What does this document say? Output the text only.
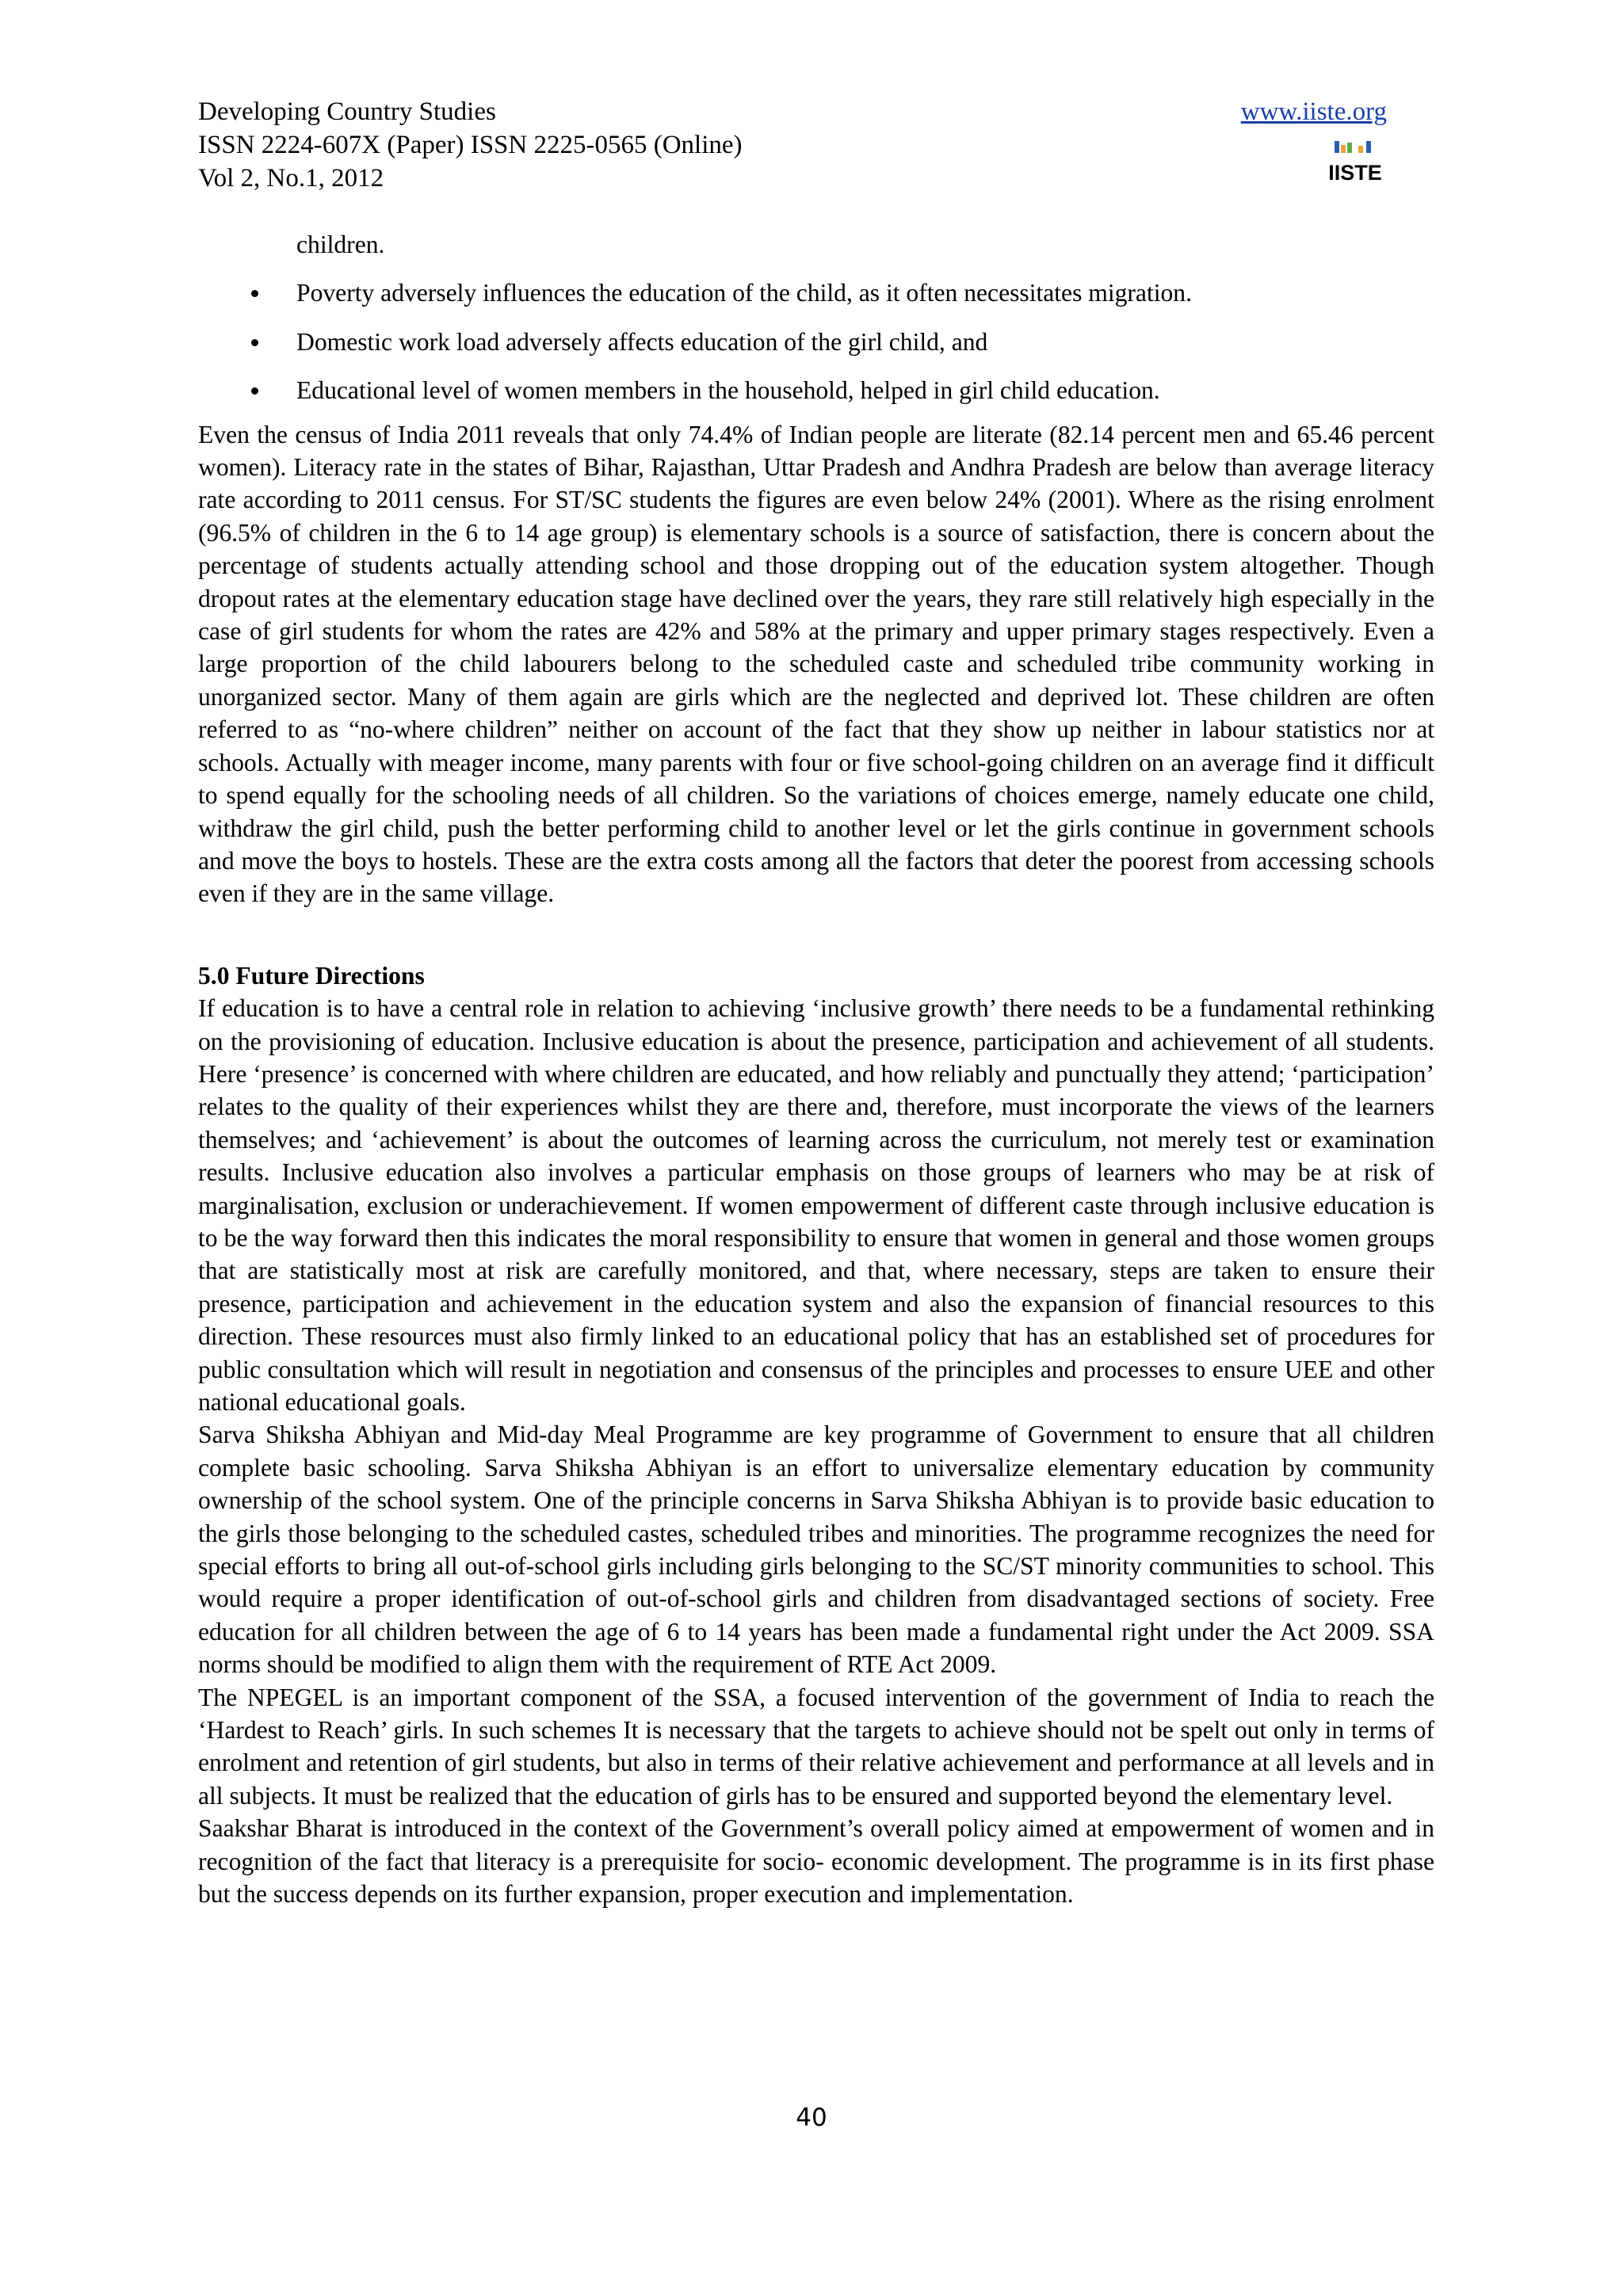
Developing Country Studies
ISSN 2224-607X (Paper) ISSN 2225-0565 (Online)
Vol 2, No.1, 2012
www.iiste.org
IISTE

children.

Poverty adversely influences the education of the child, as it often necessitates migration.
Domestic work load adversely affects education of the girl child, and
Educational level of women members in the household, helped in girl child education.

Even the census of India 2011 reveals that only 74.4% of Indian people are literate (82.14 percent men and 65.46 percent women). Literacy rate in the states of Bihar, Rajasthan, Uttar Pradesh and Andhra Pradesh are below than average literacy rate according to 2011 census. For ST/SC students the figures are even below 24% (2001). Where as the rising enrolment (96.5% of children in the 6 to 14 age group) is elementary schools is a source of satisfaction, there is concern about the percentage of students actually attending school and those dropping out of the education system altogether. Though dropout rates at the elementary education stage have declined over the years, they rare still relatively high especially in the case of girl students for whom the rates are 42% and 58% at the primary and upper primary stages respectively. Even a large proportion of the child labourers belong to the scheduled caste and scheduled tribe community working in unorganized sector. Many of them again are girls which are the neglected and deprived lot. These children are often referred to as “no-where children” neither on account of the fact that they show up neither in labour statistics nor at schools. Actually with meager income, many parents with four or five school-going children on an average find it difficult to spend equally for the schooling needs of all children. So the variations of choices emerge, namely educate one child, withdraw the girl child, push the better performing child to another level or let the girls continue in government schools and move the boys to hostels. These are the extra costs among all the factors that deter the poorest from accessing schools even if they are in the same village.

5.0 Future Directions

If education is to have a central role in relation to achieving ‘inclusive growth’ there needs to be a fundamental rethinking on the provisioning of education. Inclusive education is about the presence, participation and achievement of all students. Here ‘presence’ is concerned with where children are educated, and how reliably and punctually they attend; ‘participation’ relates to the quality of their experiences whilst they are there and, therefore, must incorporate the views of the learners themselves; and ‘achievement’ is about the outcomes of learning across the curriculum, not merely test or examination results. Inclusive education also involves a particular emphasis on those groups of learners who may be at risk of marginalisation, exclusion or underachievement. If women empowerment of different caste through inclusive education is to be the way forward then this indicates the moral responsibility to ensure that women in general and those women groups that are statistically most at risk are carefully monitored, and that, where necessary, steps are taken to ensure their presence, participation and achievement in the education system and also the expansion of financial resources to this direction. These resources must also firmly linked to an educational policy that has an established set of procedures for public consultation which will result in negotiation and consensus of the principles and processes to ensure UEE and other national educational goals.

Sarva Shiksha Abhiyan and Mid-day Meal Programme are key programme of Government to ensure that all children complete basic schooling. Sarva Shiksha Abhiyan is an effort to universalize elementary education by community ownership of the school system. One of the principle concerns in Sarva Shiksha Abhiyan is to provide basic education to the girls those belonging to the scheduled castes, scheduled tribes and minorities. The programme recognizes the need for special efforts to bring all out-of-school girls including girls belonging to the SC/ST minority communities to school. This would require a proper identification of out-of-school girls and children from disadvantaged sections of society. Free education for all children between the age of 6 to 14 years has been made a fundamental right under the Act 2009. SSA norms should be modified to align them with the requirement of RTE Act 2009.

The NPEGEL is an important component of the SSA, a focused intervention of the government of India to reach the ‘Hardest to Reach’ girls. In such schemes It is necessary that the targets to achieve should not be spelt out only in terms of enrolment and retention of girl students, but also in terms of their relative achievement and performance at all levels and in all subjects. It must be realized that the education of girls has to be ensured and supported beyond the elementary level.

Saakshar Bharat is introduced in the context of the Government’s overall policy aimed at empowerment of women and in recognition of the fact that literacy is a prerequisite for socio- economic development. The programme is in its first phase but the success depends on its further expansion, proper execution and implementation.

40
